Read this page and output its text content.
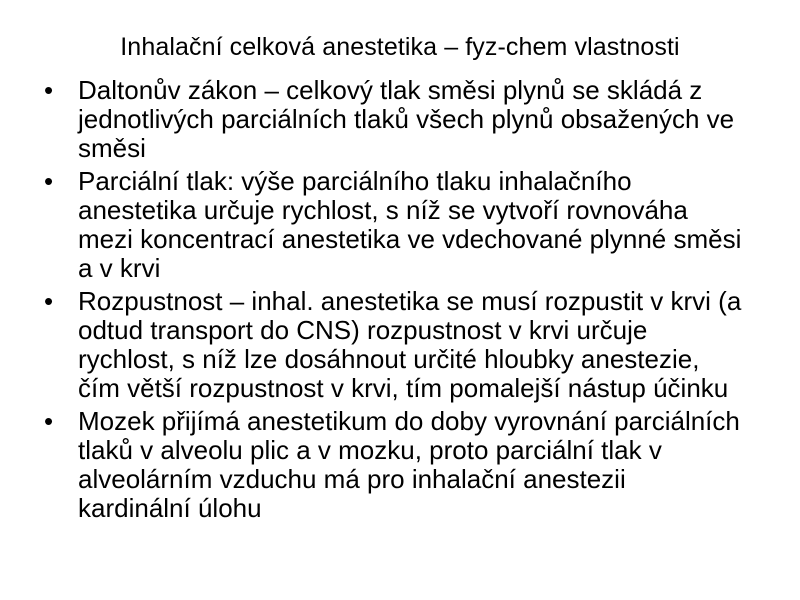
Inhalační celková anestetika – fyz-chem vlastnosti
• Daltonův zákon – celkový tlak směsi plynů se skládá z jednotlivých parciálních tlaků všech plynů obsažených ve směsi
• Parciální tlak: výše parciálního tlaku inhalačního anestetika určuje rychlost, s níž se vytvoří rovnováha mezi koncentrací anestetika ve vdechované plynné směsi a v krvi
• Rozpustnost – inhal. anestetika se musí rozpustit v krvi (a odtud transport do CNS) rozpustnost v krvi určuje rychlost, s níž lze dosáhnout určité hloubky anestezie, čím větší rozpustnost v krvi, tím pomalejší nástup účinku
• Mozek přijímá anestetikum do doby vyrovnání parciálních tlaků v alveolu plic a v mozku, proto parciální tlak v alveolárním vzduchu má pro inhalační anestezii kardinální úlohu
